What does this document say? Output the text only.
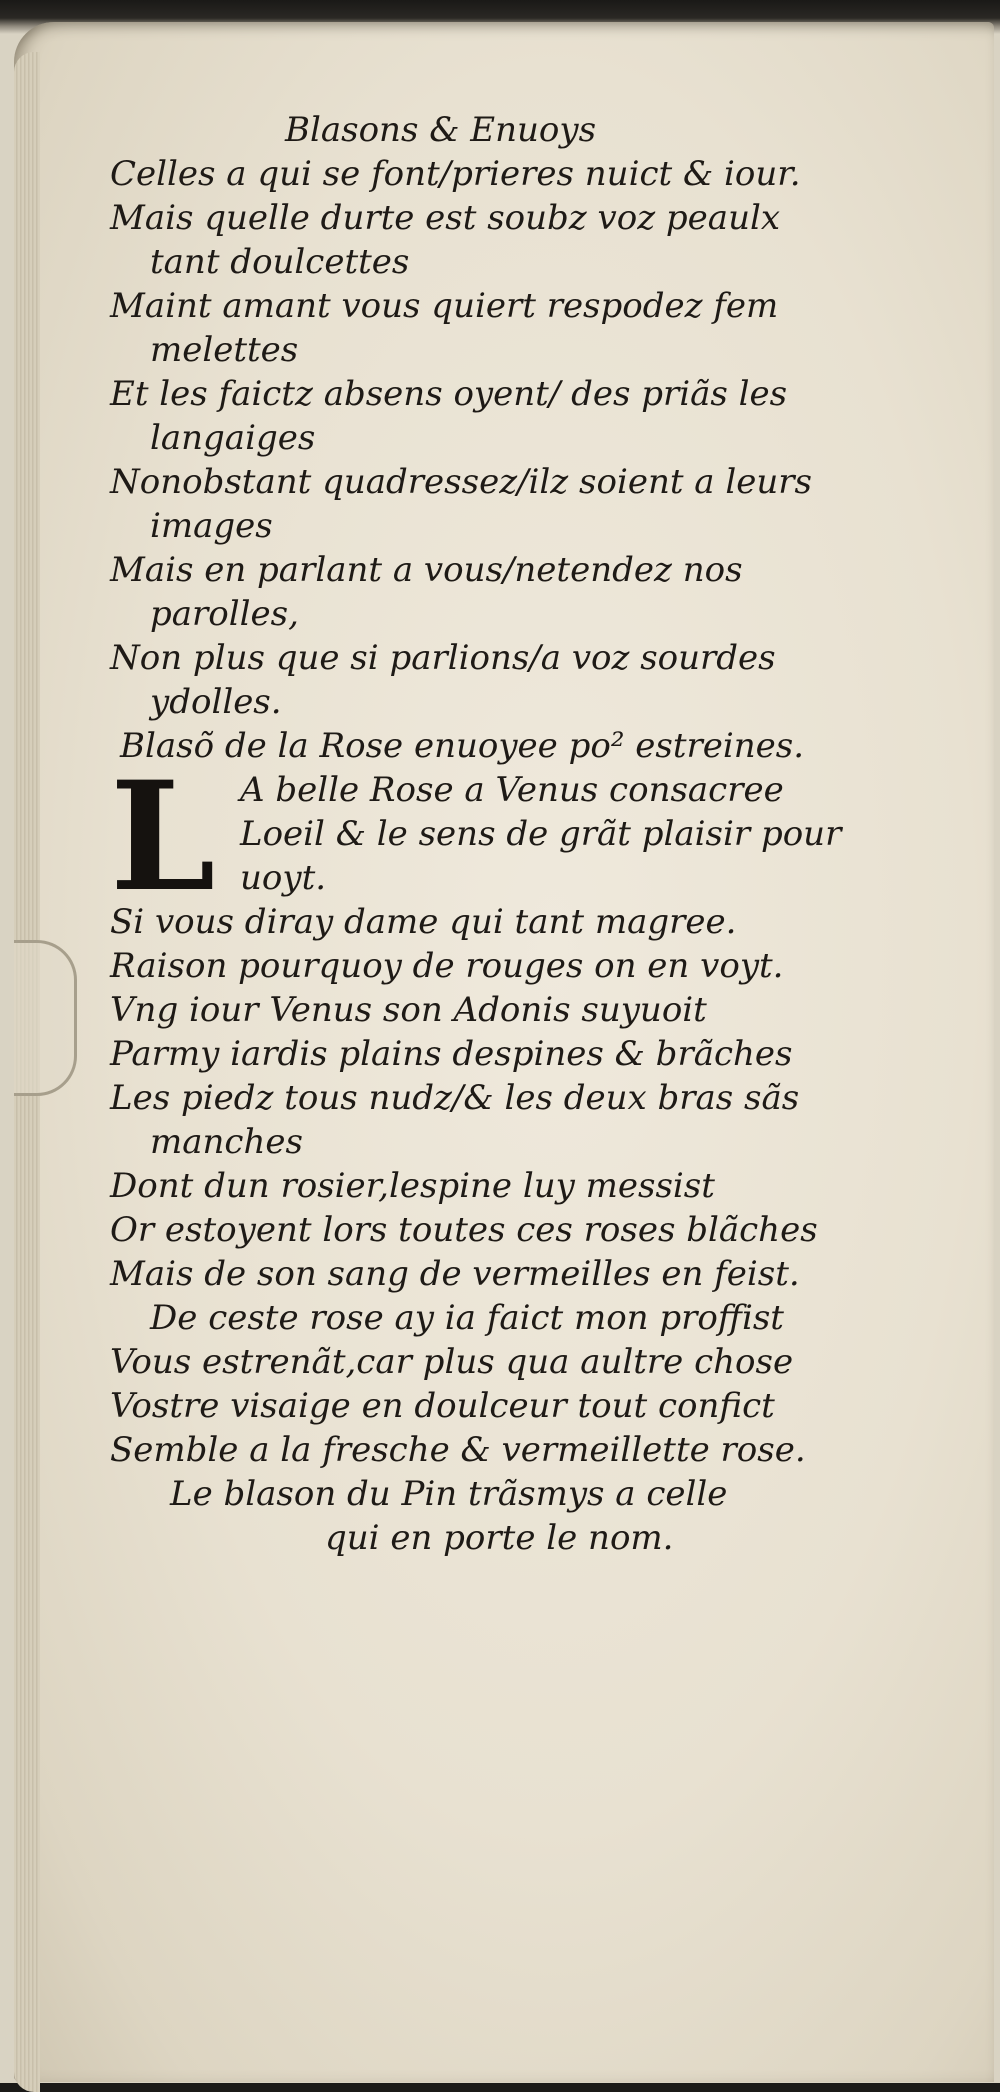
Blasons & Enuoys
Celles a qui se font/prieres nuict & iour.
Mais quelle durte est soubz voz peaulx
tant doulcettes
Maint amant vous quiert respodez fem
melettes
Et les faictz absens oyent/ des priãs les
langaiges
Nonobstant quadressez/ilz soient a leurs
images
Mais en parlant a vous/netendez nos
parolles,
Non plus que si parlions/a voz sourdes
ydolles.
Blasõ de la Rose enuoyee po² estreines.
L A belle Rose a Venus consacree
Loeil & le sens de grãt plaisir pour
uoyt.
Si vous diray dame qui tant magree.
Raison pourquoy de rouges on en voyt.
Vng iour Venus son Adonis suyuoit
Parmy iardis plains despines & brãches
Les piedz tous nudz/& les deux bras sãs
manches
Dont dun rosier,lespine luy messist
Or estoyent lors toutes ces roses blãches
Mais de son sang de vermeilles en feist.
De ceste rose ay ia faict mon proffist
Vous estrenãt,car plus qua aultre chose
Vostre visaige en doulceur tout confict
Semble a la fresche & vermeillette rose.
Le blason du Pin trãsmys a celle
qui en porte le nom.
